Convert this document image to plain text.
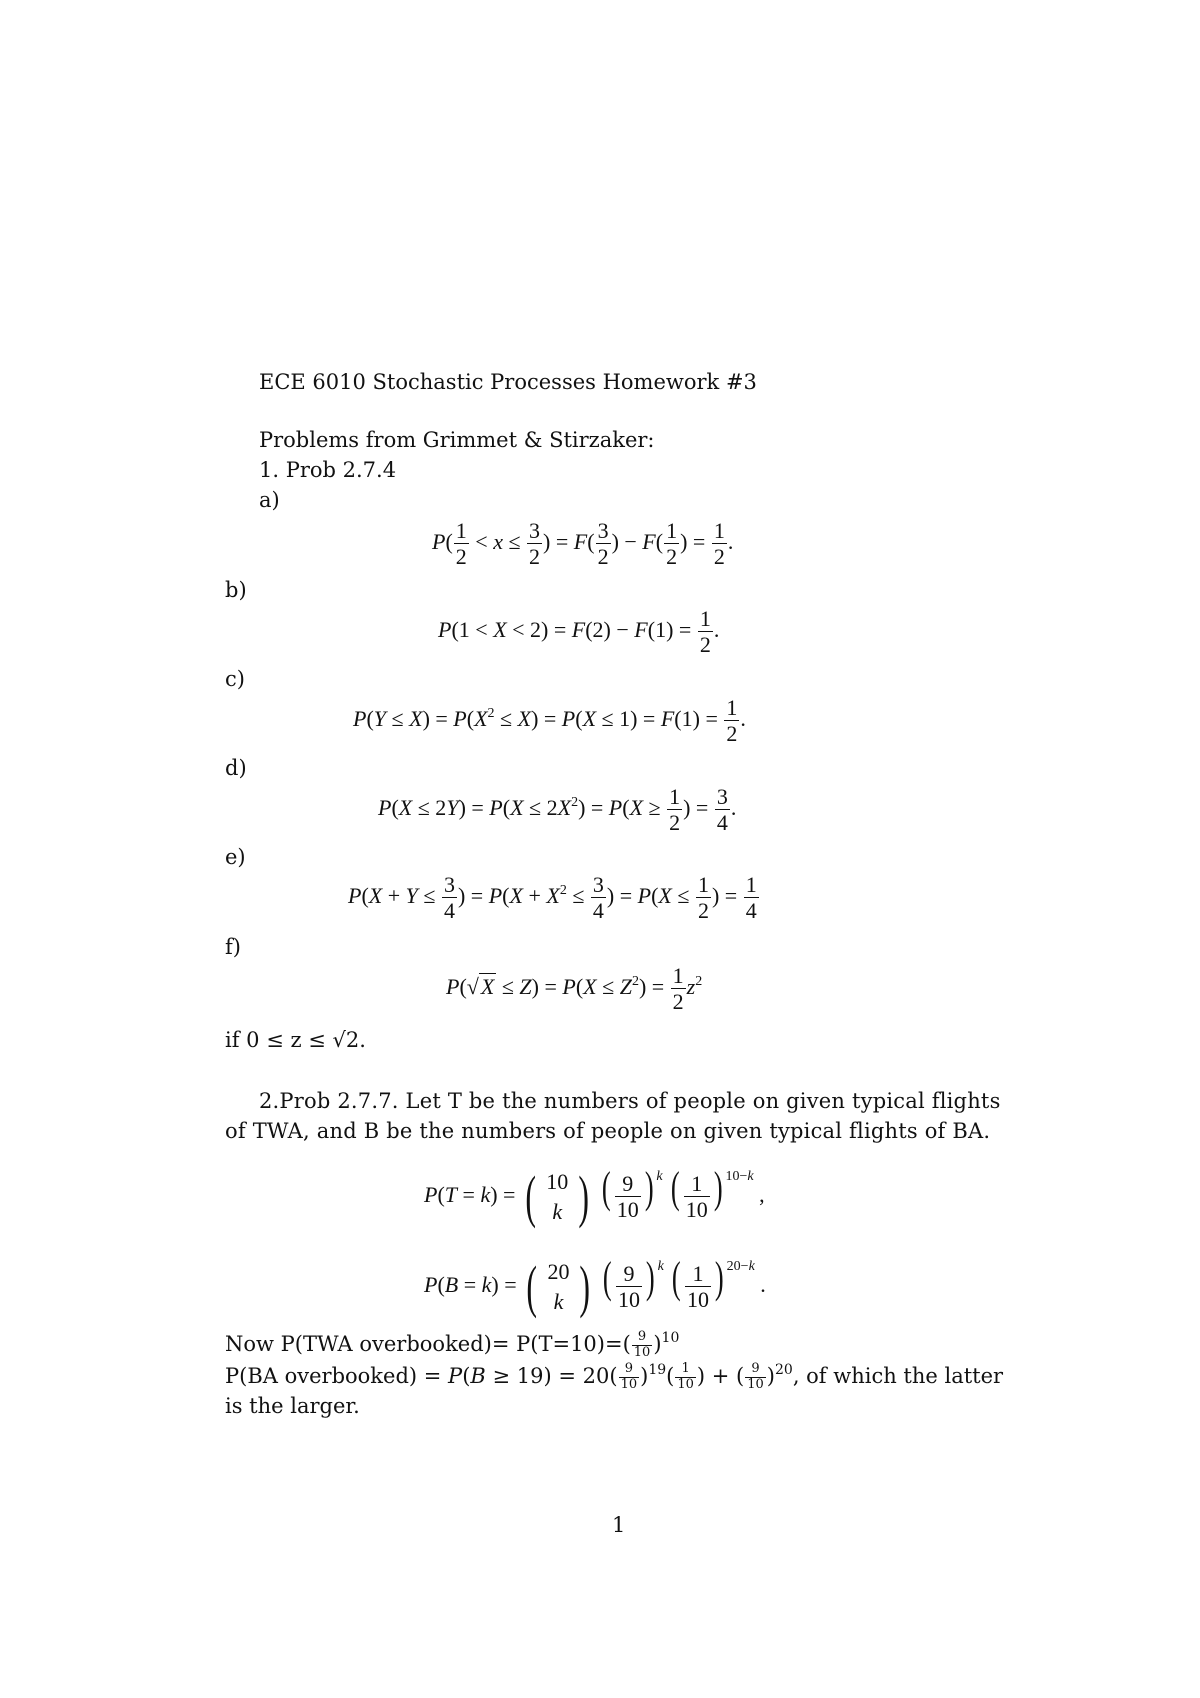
ECE 6010 Stochastic Processes Homework #3
Problems from Grimmet & Stirzaker:
1. Prob 2.7.4
a)
$P( \frac{1}{2} < x \le \frac{3}{2}$ ) = $F( \frac{3}{2}$ ) − $F( \frac{1}{2}$ ) = $\frac{1}{2}$ .
b)
$P(1 < X < 2) = F(2) - F(1) = \frac{1}{2}$ .
c)
$P(Y \le X) = P(X^2 \le X) = P(X \le 1) = F(1) = \frac{1}{2}$ .
d)
$P(X \le 2Y) = P(X \le 2X^2) = P(X \ge \frac{1}{2}$ ) = $\frac{3}{4}$ .
e)
$P(X + Y \le \frac{3}{4}$ ) = $P(X + X^2 \le \frac{3}{4}$ ) = $P(X \le \frac{1}{2}$ ) = $\frac{1}{4}$
f)
$P(√X \le Z) = P(X \le Z^2) = \frac{1}{2} z^2$
if 0 ≤ z ≤ √2.
2.Prob 2.7.7. Let T be the numbers of people on given typical flights of TWA, and B be the numbers of people on given typical flights of BA.
P(T = k) = ( 10
k ) ( $\frac{9}{10}$ ) $^k$ ( $\frac{1}{10}$ ) $^{10-k}$ ,
P(B = k) = ( 20
k ) ( $\frac{9}{10}$ ) $^k$ ( $\frac{1}{10}$ ) $^{20-k}$ .
Now P(TWA overbooked)= $P(T=10)=( \frac{9}{10} )^{10}$
P(BA overbooked) = $P(B \ge 19) = 20( \frac{9}{10} )^{19}( \frac{1}{10}$ ) + ( $\frac{9}{10} )^{20}$, of which the latter
1
is the larger.
